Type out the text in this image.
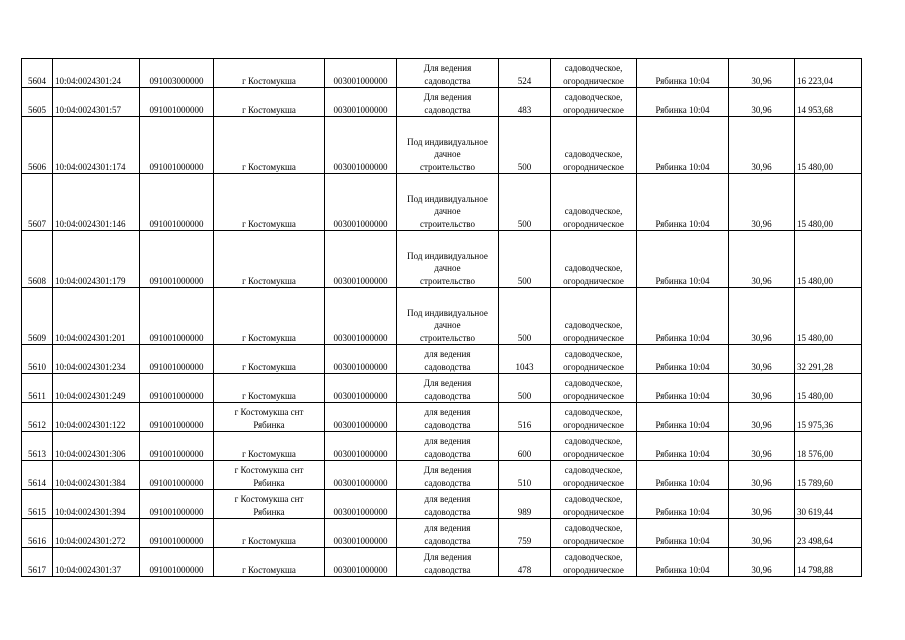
5604	10:04:0024301:24	091003000000	г Костомукша	003001000000	Для ведения
садоводства	524	садоводческое,
огородническое	Рябинка 10:04	30,96	16 223,04
5605	10:04:0024301:57	091001000000	г Костомукша	003001000000	Для ведения
садоводства	483	садоводческое,
огородническое	Рябинка 10:04	30,96	14 953,68
5606	10:04:0024301:174	091001000000	г Костомукша	003001000000	Под индивидуальное
дачное
строительство	500	садоводческое,
огородническое	Рябинка 10:04	30,96	15 480,00
5607	10:04:0024301:146	091001000000	г Костомукша	003001000000	Под индивидуальное
дачное
строительство	500	садоводческое,
огородническое	Рябинка 10:04	30,96	15 480,00
5608	10:04:0024301:179	091001000000	г Костомукша	003001000000	Под индивидуальное
дачное
строительство	500	садоводческое,
огородническое	Рябинка 10:04	30,96	15 480,00
5609	10:04:0024301:201	091001000000	г Костомукша	003001000000	Под индивидуальное
дачное
строительство	500	садоводческое,
огородническое	Рябинка 10:04	30,96	15 480,00
5610	10:04:0024301:234	091001000000	г Костомукша	003001000000	для ведения
садоводства	1043	садоводческое,
огородническое	Рябинка 10:04	30,96	32 291,28
5611	10:04:0024301:249	091001000000	г Костомукша	003001000000	Для ведения
садоводства	500	садоводческое,
огородническое	Рябинка 10:04	30,96	15 480,00
5612	10:04:0024301:122	091001000000	г Костомукша снт
Рябинка	003001000000	для ведения
садоводства	516	садоводческое,
огородническое	Рябинка 10:04	30,96	15 975,36
5613	10:04:0024301:306	091001000000	г Костомукша	003001000000	для ведения
садоводства	600	садоводческое,
огородническое	Рябинка 10:04	30,96	18 576,00
5614	10:04:0024301:384	091001000000	г Костомукша снт
Рябинка	003001000000	Для ведения
садоводства	510	садоводческое,
огородническое	Рябинка 10:04	30,96	15 789,60
5615	10:04:0024301:394	091001000000	г Костомукша снт
Рябинка	003001000000	для ведения
садоводства	989	садоводческое,
огородническое	Рябинка 10:04	30,96	30 619,44
5616	10:04:0024301:272	091001000000	г Костомукша	003001000000	для ведения
садоводства	759	садоводческое,
огородническое	Рябинка 10:04	30,96	23 498,64
5617	10:04:0024301:37	091001000000	г Костомукша	003001000000	Для ведения
садоводства	478	садоводческое,
огородническое	Рябинка 10:04	30,96	14 798,88
